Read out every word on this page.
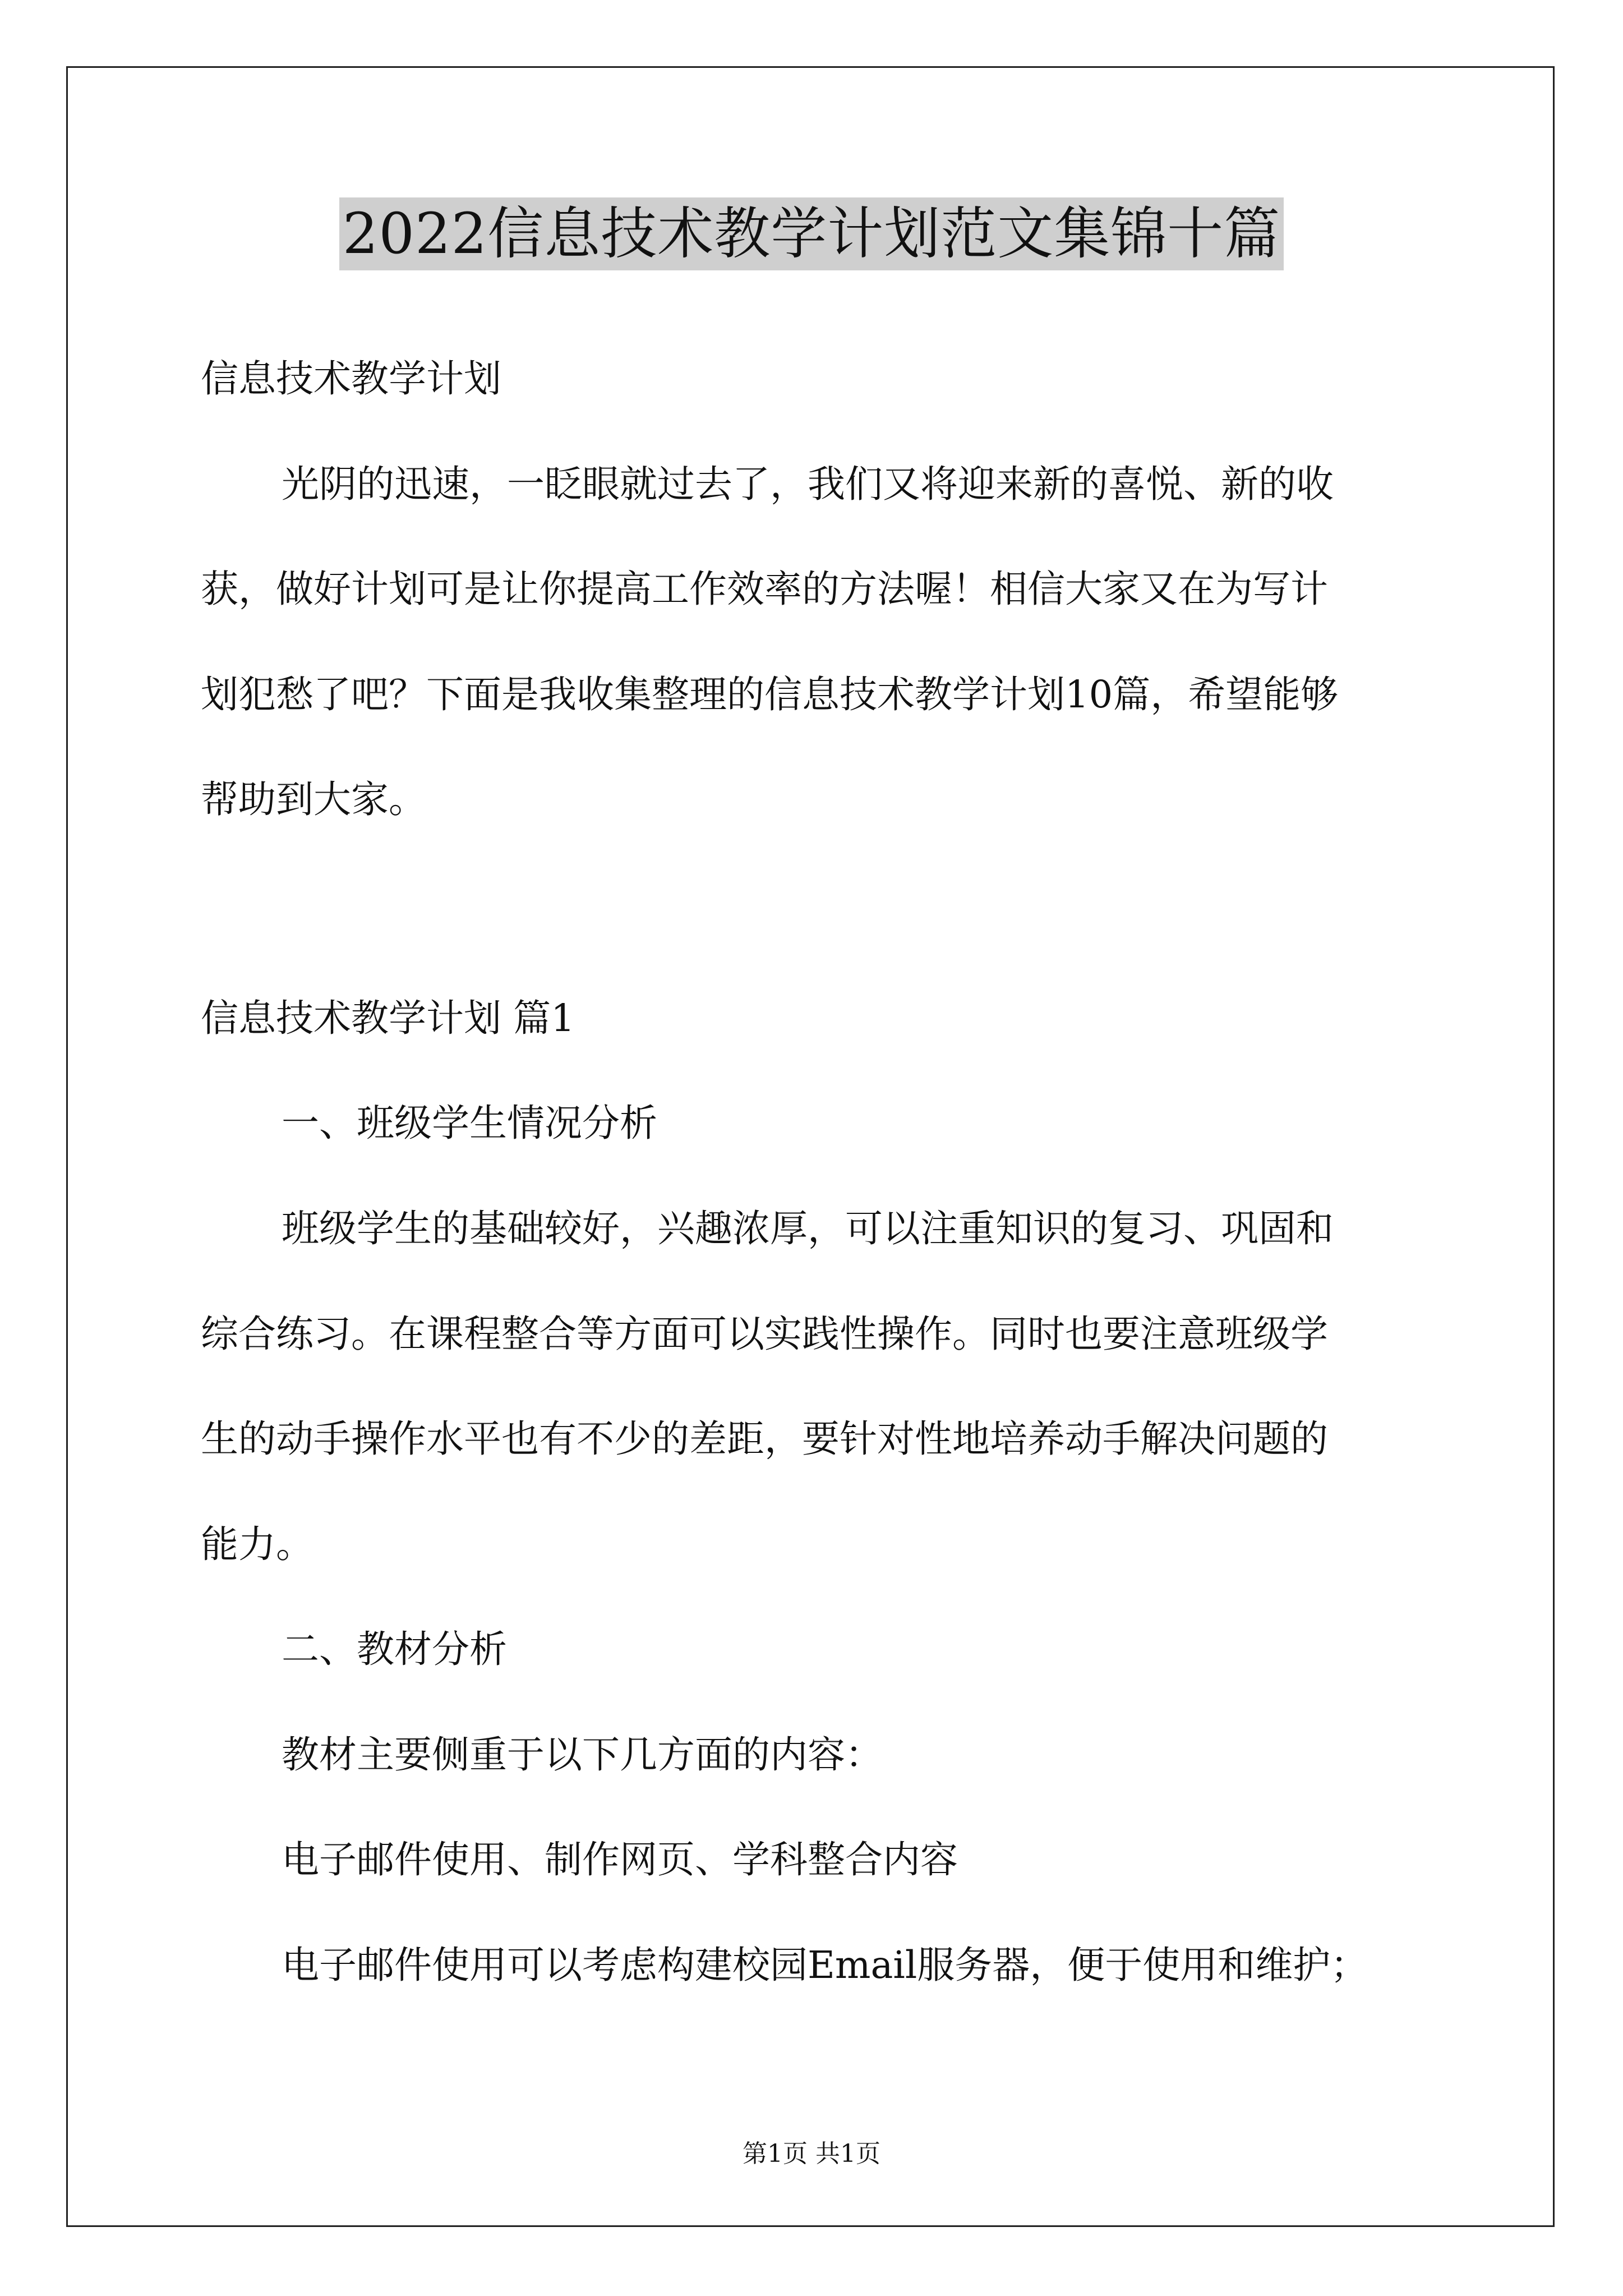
2022信息技术教学计划范文集锦十篇
信息技术教学计划
光阴的迅速，一眨眼就过去了，我们又将迎来新的喜悦、新的收
获，做好计划可是让你提高工作效率的方法喔！相信大家又在为写计
划犯愁了吧？下面是我收集整理的信息技术教学计划10篇，希望能够
帮助到大家。
信息技术教学计划 篇1
一、班级学生情况分析
班级学生的基础较好，兴趣浓厚，可以注重知识的复习、巩固和
综合练习。在课程整合等方面可以实践性操作。同时也要注意班级学
生的动手操作水平也有不少的差距，要针对性地培养动手解决问题的
能力。
二、教材分析
教材主要侧重于以下几方面的内容：
电子邮件使用、制作网页、学科整合内容
电子邮件使用可以考虑构建校园Email服务器，便于使用和维护；
第1页 共1页
